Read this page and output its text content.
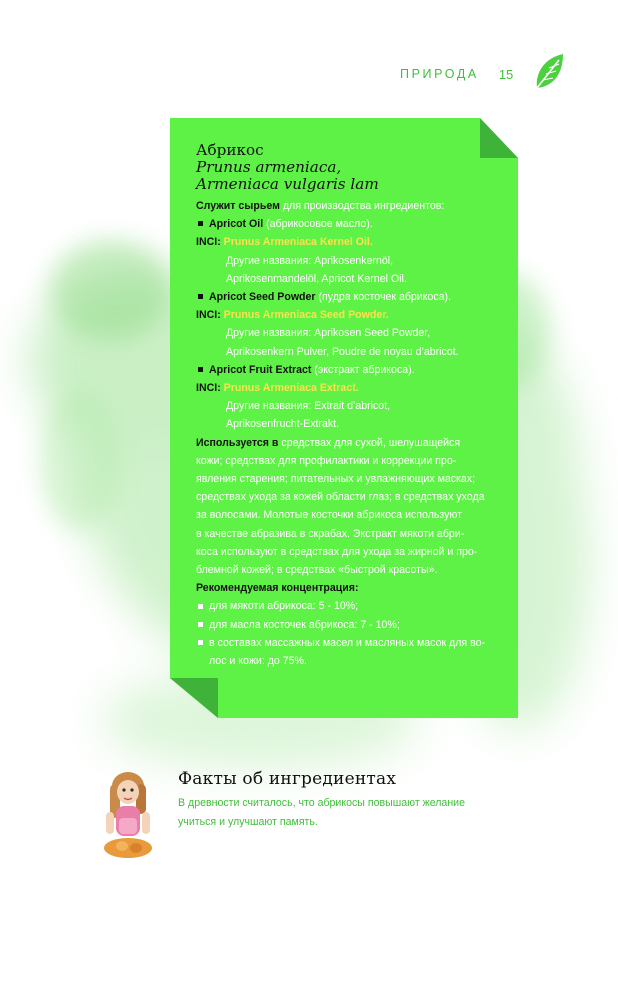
ПРИРОДА 15
Абрикос
Prunus armeniaca,
Armeniaca vulgaris lam
Служит сырьем для производства ингредиентов:
Apricot Oil (абрикосовое масло).
INCI: Prunus Armeniaca Kernel Oil.
Другие названия: Aprikosenkernöl,
Aprikosenmandelöl, Apricot Kernel Oil.
Apricot Seed Powder (пудра косточек абрикоса).
INCI: Prunus Armeniaca Seed Powder.
Другие названия: Aprikosen Seed Powder,
Aprikosenkern Pulver, Poudre de noyau d’abricot.
Apricot Fruit Extract (экстракт абрикоса).
INCI: Prunus Armeniaca Extract.
Другие названия: Extrait d’abricot,
Aprikosenfrucht-Extrakt.
Используется в средствах для сухой, шелушащейся
кожи; средствах для профилактики и коррекции про-
явления старения; питательных и увлажняющих масках;
средствах ухода за кожей области глаз; в средствах ухода
за волосами. Молотые косточки абрикоса используют
в качестве абразива в скрабах. Экстракт мякоти абри-
коса используют в средствах для ухода за жирной и про-
блемной кожей; в средствах «быстрой красоты».
Рекомендуемая концентрация:
для мякоти абрикоса: 5 - 10%;
для масла косточек абрикоса: 7 - 10%;
в составах массажных масел и масляных масок для во-
лос и кожи: до 75%.
Факты об ингредиентах
В древности считалось, что абрикосы повышают желание
учиться и улучшают память.
